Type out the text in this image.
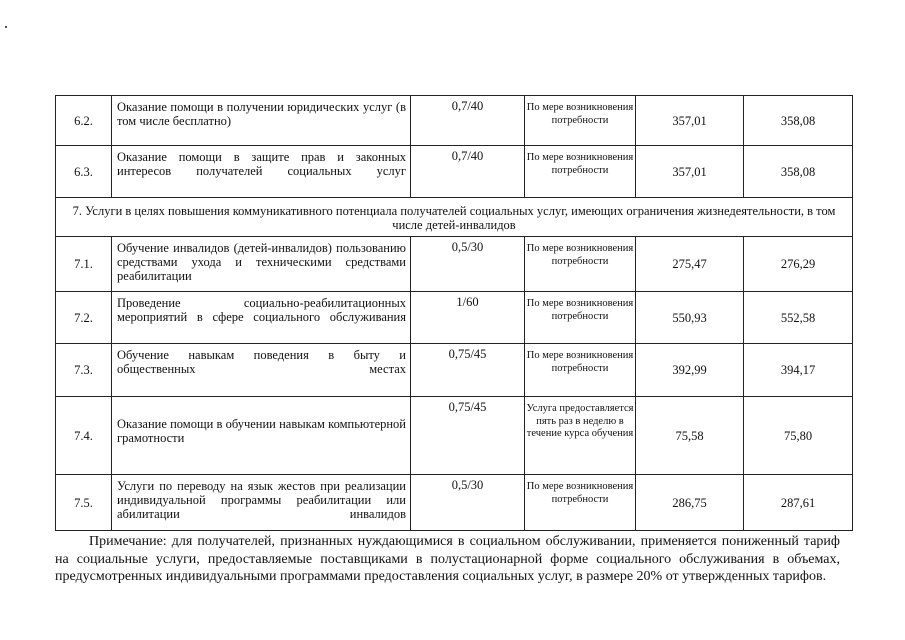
6.2.	Оказание помощи в получении юридических услуг (в том числе бесплатно)	0,7/40	По мере возникновения потребности	357,01	358,08
6.3.	Оказание помощи в защите прав и законных интересов получателей социальных услуг	0,7/40	По мере возникновения потребности	357,01	358,08
7. Услуги в целях повышения коммуникативного потенциала получателей социальных услуг, имеющих ограничения жизнедеятельности, в том числе детей-инвалидов					
7.1.	Обучение инвалидов (детей-инвалидов) пользованию средствами ухода и техническими средствами реабилитации	0,5/30	По мере возникновения потребности	275,47	276,29
7.2.	Проведение социально-реабилитационных мероприятий в сфере социального обслуживания	1/60	По мере возникновения потребности	550,93	552,58
7.3.	Обучение навыкам поведения в быту и общественных местах	0,75/45	По мере возникновения потребности	392,99	394,17
7.4.	Оказание помощи в обучении навыкам компьютерной грамотности	0,75/45	Услуга предоставляется пять раз в неделю в течение курса обучения	75,58	75,80
7.5.	Услуги по переводу на язык жестов при реализации индивидуальной программы реабилитации или абилитации инвалидов	0,5/30	По мере возникновения потребности	286,75	287,61

Примечание: для получателей, признанных нуждающимися в социальном обслуживании, применяется пониженный тариф на социальные услуги, предоставляемые поставщиками в полустационарной форме социального обслуживания в объемах, предусмотренных индивидуальными программами предоставления социальных услуг, в размере 20% от утвержденных тарифов.
